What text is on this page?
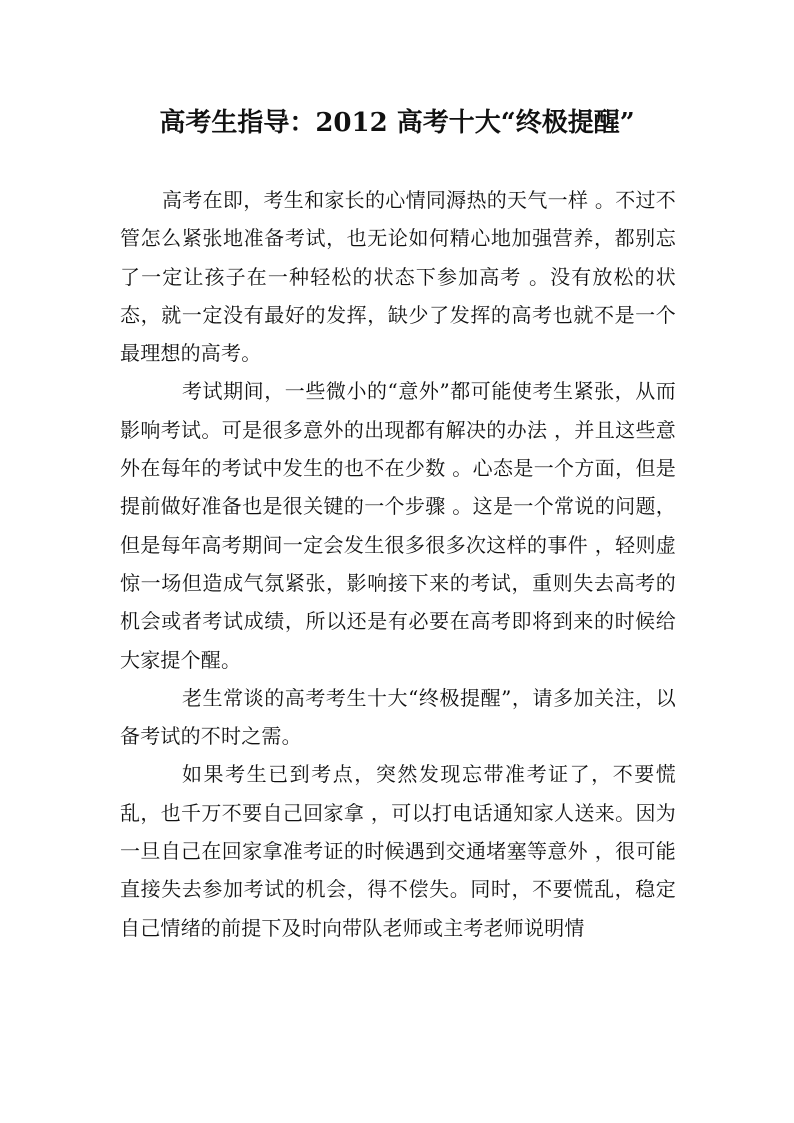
高考生指导：2012 高考十大“终极提醒”

高考在即，考生和家长的心情同溽热的天气一样 。不过不管怎么紧张地准备考试，也无论如何精心地加强营养，都别忘了一定让孩子在一种轻松的状态下参加高考 。没有放松的状态，就一定没有最好的发挥，缺少了发挥的高考也就不是一个最理想的高考。

考试期间，一些微小的“意外”都可能使考生紧张，从而影响考试。可是很多意外的出现都有解决的办法 ，并且这些意外在每年的考试中发生的也不在少数 。心态是一个方面，但是提前做好准备也是很关键的一个步骤 。这是一个常说的问题，但是每年高考期间一定会发生很多很多次这样的事件 ，轻则虚惊一场但造成气氛紧张，影响接下来的考试，重则失去高考的机会或者考试成绩，所以还是有必要在高考即将到来的时候给大家提个醒。

老生常谈的高考考生十大“终极提醒”，请多加关注，以备考试的不时之需。

如果考生已到考点，突然发现忘带准考证了，不要慌乱，也千万不要自己回家拿 ，可以打电话通知家人送来。因为一旦自己在回家拿准考证的时候遇到交通堵塞等意外 ，很可能直接失去参加考试的机会，得不偿失。同时，不要慌乱，稳定自己情绪的前提下及时向带队老师或主考老师说明情
